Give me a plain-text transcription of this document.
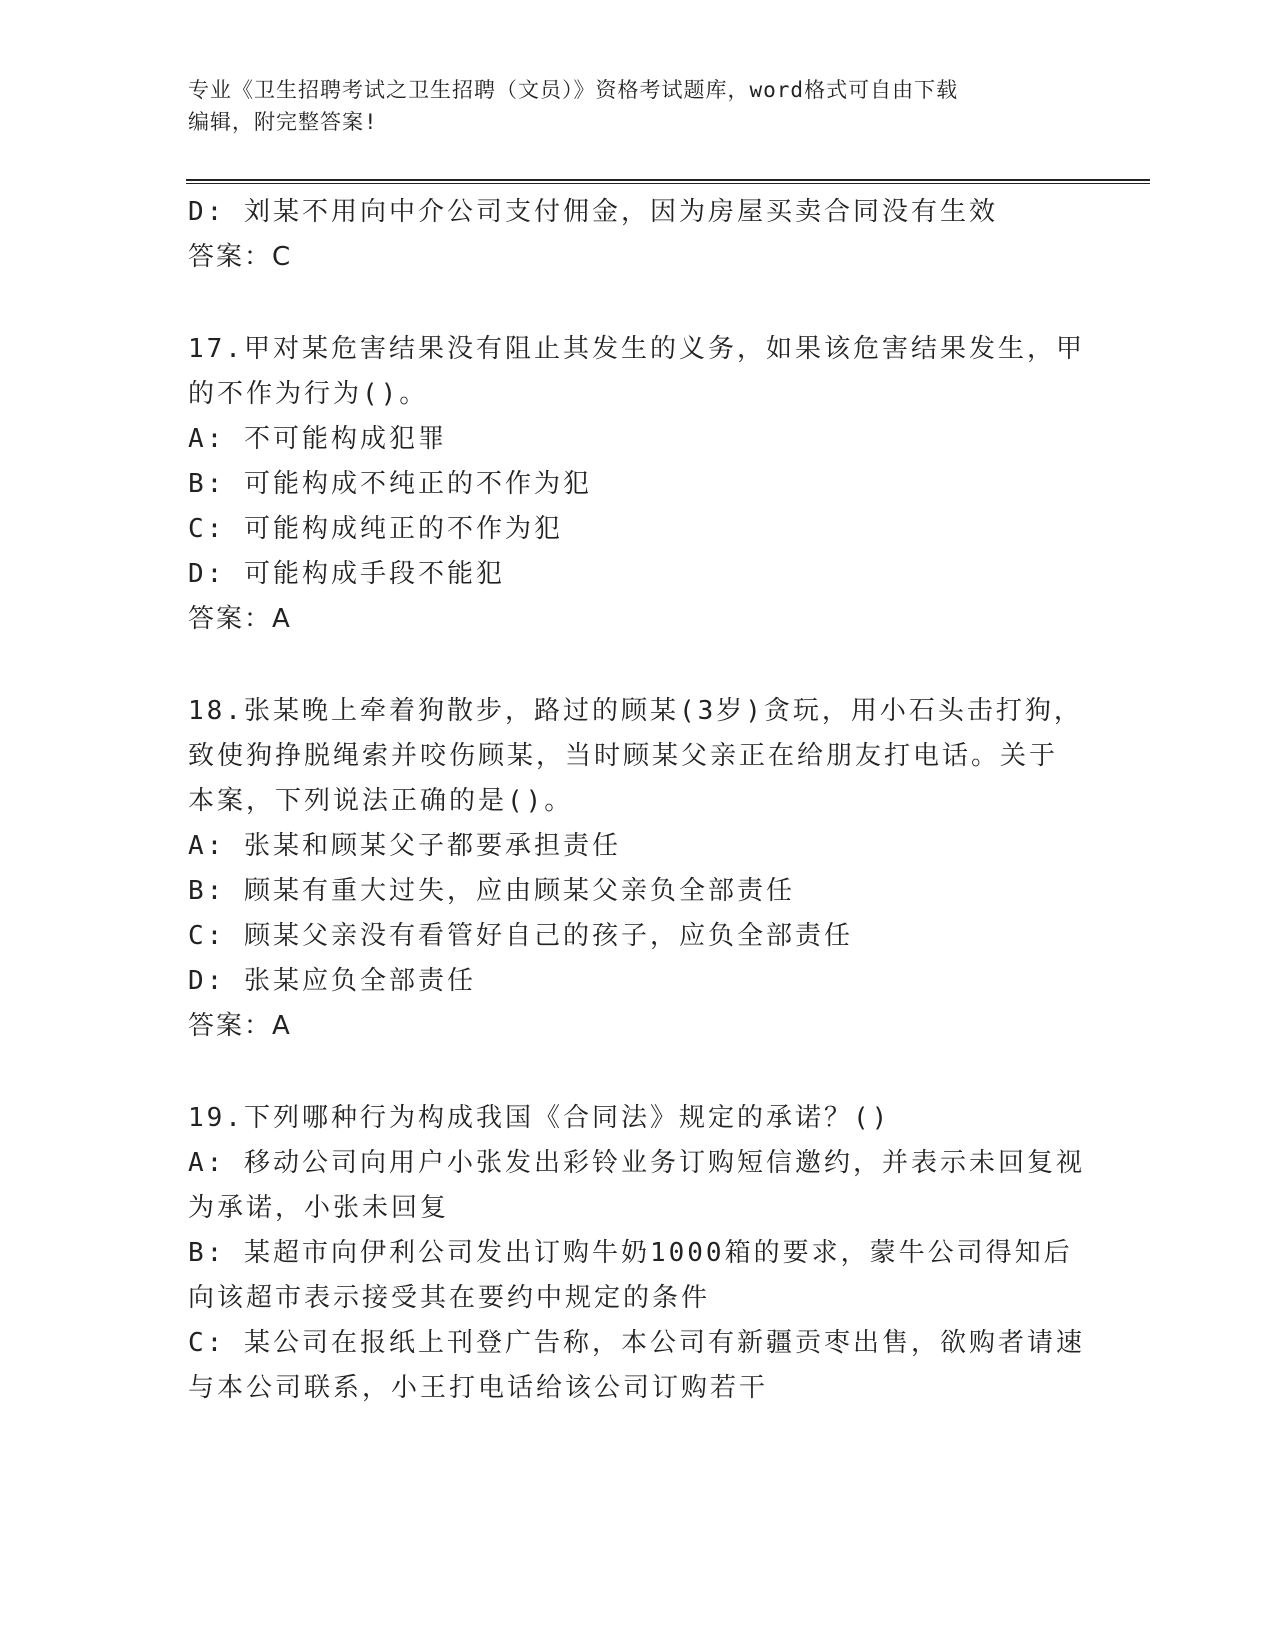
专业《卫生招聘考试之卫生招聘（文员）》资格考试题库，word格式可自由下载
编辑，附完整答案!
D: 刘某不用向中介公司支付佣金，因为房屋买卖合同没有生效
答案：C
17.甲对某危害结果没有阻止其发生的义务，如果该危害结果发生，甲
的不作为行为()。
A: 不可能构成犯罪
B: 可能构成不纯正的不作为犯
C: 可能构成纯正的不作为犯
D: 可能构成手段不能犯
答案：A
18.张某晚上牵着狗散步，路过的顾某(3岁)贪玩，用小石头击打狗，
致使狗挣脱绳索并咬伤顾某，当时顾某父亲正在给朋友打电话。关于
本案，下列说法正确的是()。
A: 张某和顾某父子都要承担责任
B: 顾某有重大过失，应由顾某父亲负全部责任
C: 顾某父亲没有看管好自己的孩子，应负全部责任
D: 张某应负全部责任
答案：A
19.下列哪种行为构成我国《合同法》规定的承诺？()
A: 移动公司向用户小张发出彩铃业务订购短信邀约，并表示未回复视
为承诺，小张未回复
B: 某超市向伊利公司发出订购牛奶1000箱的要求，蒙牛公司得知后
向该超市表示接受其在要约中规定的条件
C: 某公司在报纸上刊登广告称，本公司有新疆贡枣出售，欲购者请速
与本公司联系，小王打电话给该公司订购若干
